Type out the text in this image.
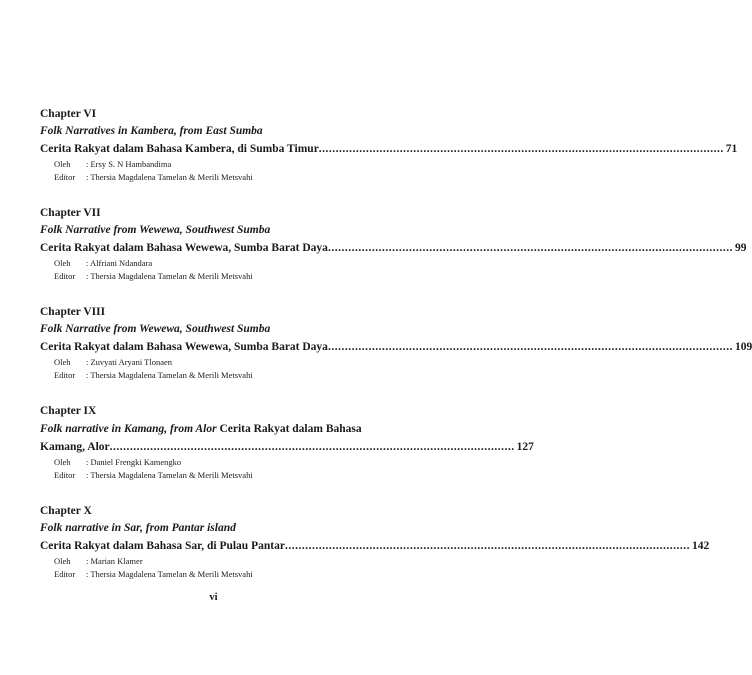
Chapter VI

Folk Narratives in Kambera, from East Sumba

Cerita Rakyat dalam Bahasa Kambera, di Sumba Timur ........................................................................................................................ 71

Oleh	: Ersy S. N Hambandima
Editor	: Thersia Magdalena Tamelan & Merili Metsvahi

Chapter VII

Folk Narrative from Wewewa, Southwest Sumba

Cerita Rakyat dalam Bahasa Wewewa, Sumba Barat Daya ........................................................................................................................ 99

Oleh	: Alfriani Ndandara
Editor	: Thersia Magdalena Tamelan & Merili Metsvahi

Chapter VIII

Folk Narrative from Wewewa, Southwest Sumba

Cerita Rakyat dalam Bahasa Wewewa, Sumba Barat Daya ........................................................................................................................ 109

Oleh	: Zuvyati Aryani Tlonaen
Editor	: Thersia Magdalena Tamelan & Merili Metsvahi

Chapter IX

Folk narrative in Kamang, from Alor Cerita Rakyat dalam Bahasa

Kamang, Alor ........................................................................................................................ 127

Oleh	: Daniel Frengki Kamengko
Editor	: Thersia Magdalena Tamelan & Merili Metsvahi

Chapter X

Folk narrative in Sar, from Pantar island

Cerita Rakyat dalam Bahasa Sar, di Pulau Pantar ........................................................................................................................ 142

Oleh	: Marian Klamer
Editor	: Thersia Magdalena Tamelan & Merili Metsvahi
vi
